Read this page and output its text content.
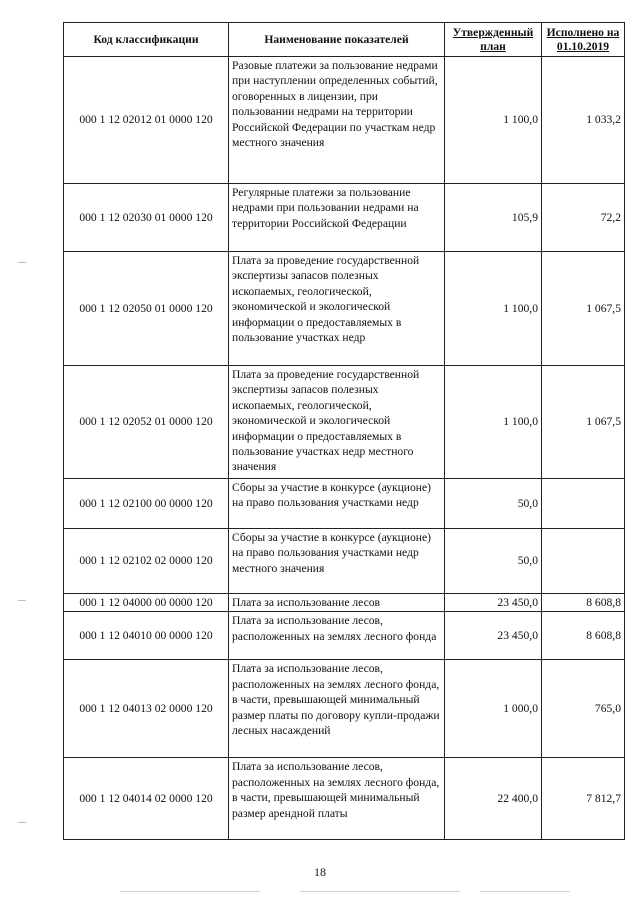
Код классификации	Наименование показателей	Утвержденный план	Исполнено на 01.10.2019
000 1 12 02012 01 0000 120	Разовые платежи за пользование недрами при наступлении определенных событий, оговоренных в лицензии, при пользовании недрами на территории Российской Федерации по участкам недр местного значения	1 100,0	1 033,2
000 1 12 02030 01 0000 120	Регулярные платежи за пользование недрами при пользовании недрами на территории Российской Федерации	105,9	72,2
000 1 12 02050 01 0000 120	Плата за проведение государственной экспертизы запасов полезных ископаемых, геологической, экономической и экологической информации о предоставляемых в пользование участках недр	1 100,0	1 067,5
000 1 12 02052 01 0000 120	Плата за проведение государственной экспертизы запасов полезных ископаемых, геологической, экономической и экологической информации о предоставляемых в пользование участках недр местного значения	1 100,0	1 067,5
000 1 12 02100 00 0000 120	Сборы за участие в конкурсе (аукционе) на право пользования участками недр	50,0	
000 1 12 02102 02 0000 120	Сборы за участие в конкурсе (аукционе) на право пользования участками недр местного значения	50,0	
000 1 12 04000 00 0000 120	Плата за использование лесов	23 450,0	8 608,8
000 1 12 04010 00 0000 120	Плата за использование лесов, расположенных на землях лесного фонда	23 450,0	8 608,8
000 1 12 04013 02 0000 120	Плата за использование лесов, расположенных на землях лесного фонда, в части, превышающей минимальный размер платы по договору купли-продажи лесных насаждений	1 000,0	765,0
000 1 12 04014 02 0000 120	Плата за использование лесов, расположенных на землях лесного фонда, в части, превышающей минимальный размер арендной платы	22 400,0	7 812,7
18
